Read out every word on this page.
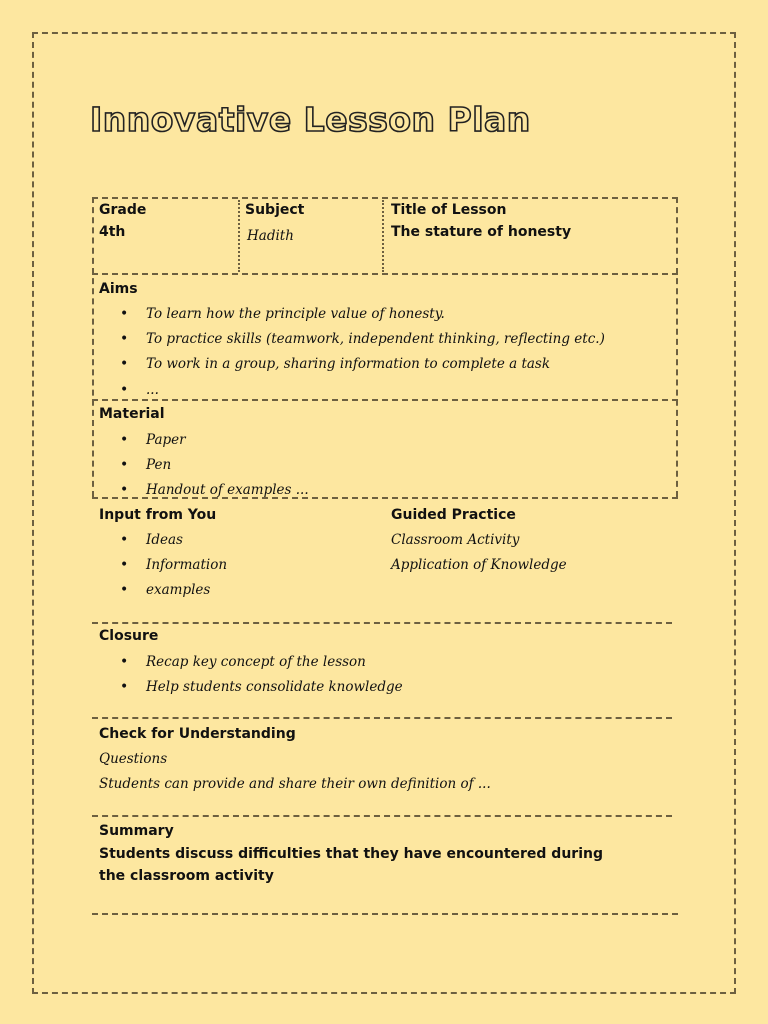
Innovative Lesson Plan
Grade
4th
Subject
Hadith
Title of Lesson
The stature of honesty
Aims
• To learn how the principle value of honesty.
• To practice skills (teamwork, independent thinking, reflecting etc.)
• To work in a group, sharing information to complete a task
• ...
Material
• Paper
• Pen
• Handout of examples ...
Input from You
• Ideas
• Information
• examples
Guided Practice
Classroom Activity
Application of Knowledge
Closure
• Recap key concept of the lesson
• Help students consolidate knowledge
Check for Understanding
Questions
Students can provide and share their own definition of ...
Summary
Students discuss difficulties that they have encountered during the classroom activity
